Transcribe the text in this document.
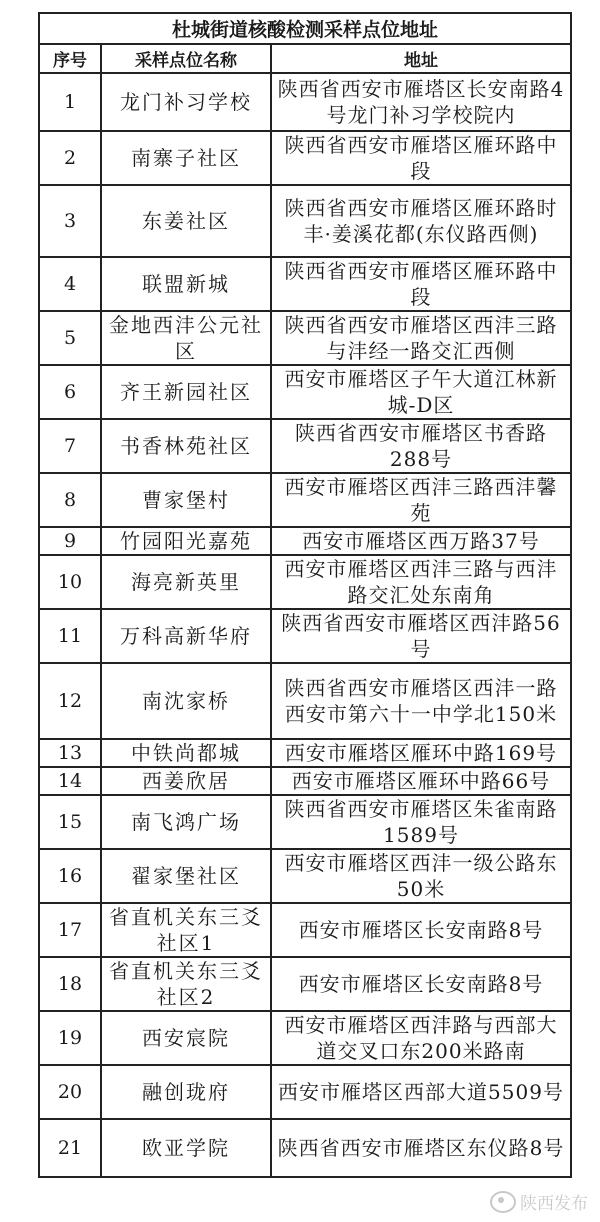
杜城街道核酸检测采样点位地址		
序号	采样点位名称	地址
1	龙门补习学校	陕西省西安市雁塔区长安南路4号龙门补习学校院内
2	南寨子社区	陕西省西安市雁塔区雁环路中段
3	东姜社区	陕西省西安市雁塔区雁环路时丰·姜溪花都(东仪路西侧)
4	联盟新城	陕西省西安市雁塔区雁环路中段
5	金地西沣公元社区	陕西省西安市雁塔区西沣三路与沣经一路交汇西侧
6	齐王新园社区	西安市雁塔区子午大道江林新城-D区
7	书香林苑社区	陕西省西安市雁塔区书香路288号
8	曹家堡村	西安市雁塔区西沣三路西沣馨苑
9	竹园阳光嘉苑	西安市雁塔区西万路37号
10	海亮新英里	西安市雁塔区西沣三路与西沣路交汇处东南角
11	万科高新华府	陕西省西安市雁塔区西沣路56号
12	南沈家桥	陕西省西安市雁塔区西沣一路西安市第六十一中学北150米
13	中铁尚都城	西安市雁塔区雁环中路169号
14	西姜欣居	西安市雁塔区雁环中路66号
15	南飞鸿广场	陕西省西安市雁塔区朱雀南路1589号
16	翟家堡社区	西安市雁塔区西沣一级公路东50米
17	省直机关东三爻社区1	西安市雁塔区长安南路8号
18	省直机关东三爻社区2	西安市雁塔区长安南路8号
19	西安宸院	西安市雁塔区西沣路与西部大道交叉口东200米路南
20	融创珑府	西安市雁塔区西部大道5509号
21	欧亚学院	陕西省西安市雁塔区东仪路8号
陕西发布
